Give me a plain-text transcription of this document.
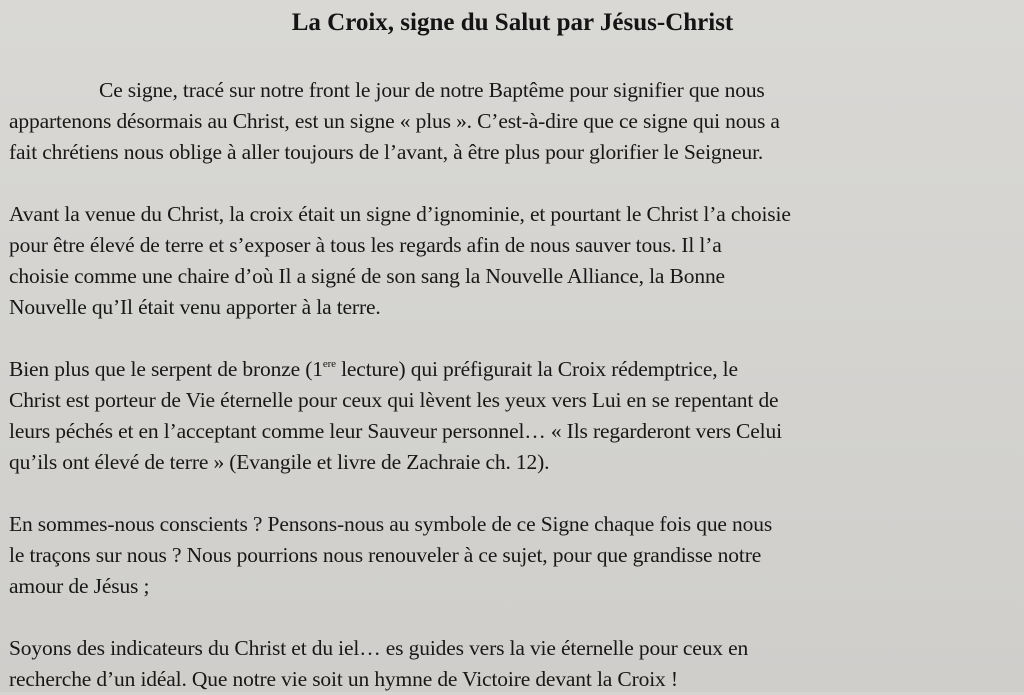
La Croix, signe du Salut par Jésus-Christ
Ce signe, tracé sur notre front le jour de notre Baptême pour signifier que nous
appartenons désormais au Christ, est un signe « plus ». C’est-à-dire que ce signe qui nous a
fait chrétiens nous oblige à aller toujours de l’avant, à être plus pour glorifier le Seigneur.
Avant la venue du Christ, la croix était un signe d’ignominie, et pourtant le Christ l’a choisie
pour être élevé de terre et s’exposer à tous les regards afin de nous sauver tous. Il l’a
choisie comme une chaire d’où Il a signé de son sang la Nouvelle Alliance, la Bonne
Nouvelle qu’Il était venu apporter à la terre.
Bien plus que le serpent de bronze (1ere lecture) qui préfigurait la Croix rédemptrice, le
Christ est porteur de Vie éternelle pour ceux qui lèvent les yeux vers Lui en se repentant de
leurs péchés et en l’acceptant comme leur Sauveur personnel… « Ils regarderont vers Celui
qu’ils ont élevé de terre » (Evangile et livre de Zachraie ch. 12).
En sommes-nous conscients ? Pensons-nous au symbole de ce Signe chaque fois que nous
le traçons sur nous ? Nous pourrions nous renouveler à ce sujet, pour que grandisse notre
amour de Jésus ;
Soyons des indicateurs du Christ et du iel… es guides vers la vie éternelle pour ceux en
recherche d’un idéal. Que notre vie soit un hymne de Victoire devant la Croix !
